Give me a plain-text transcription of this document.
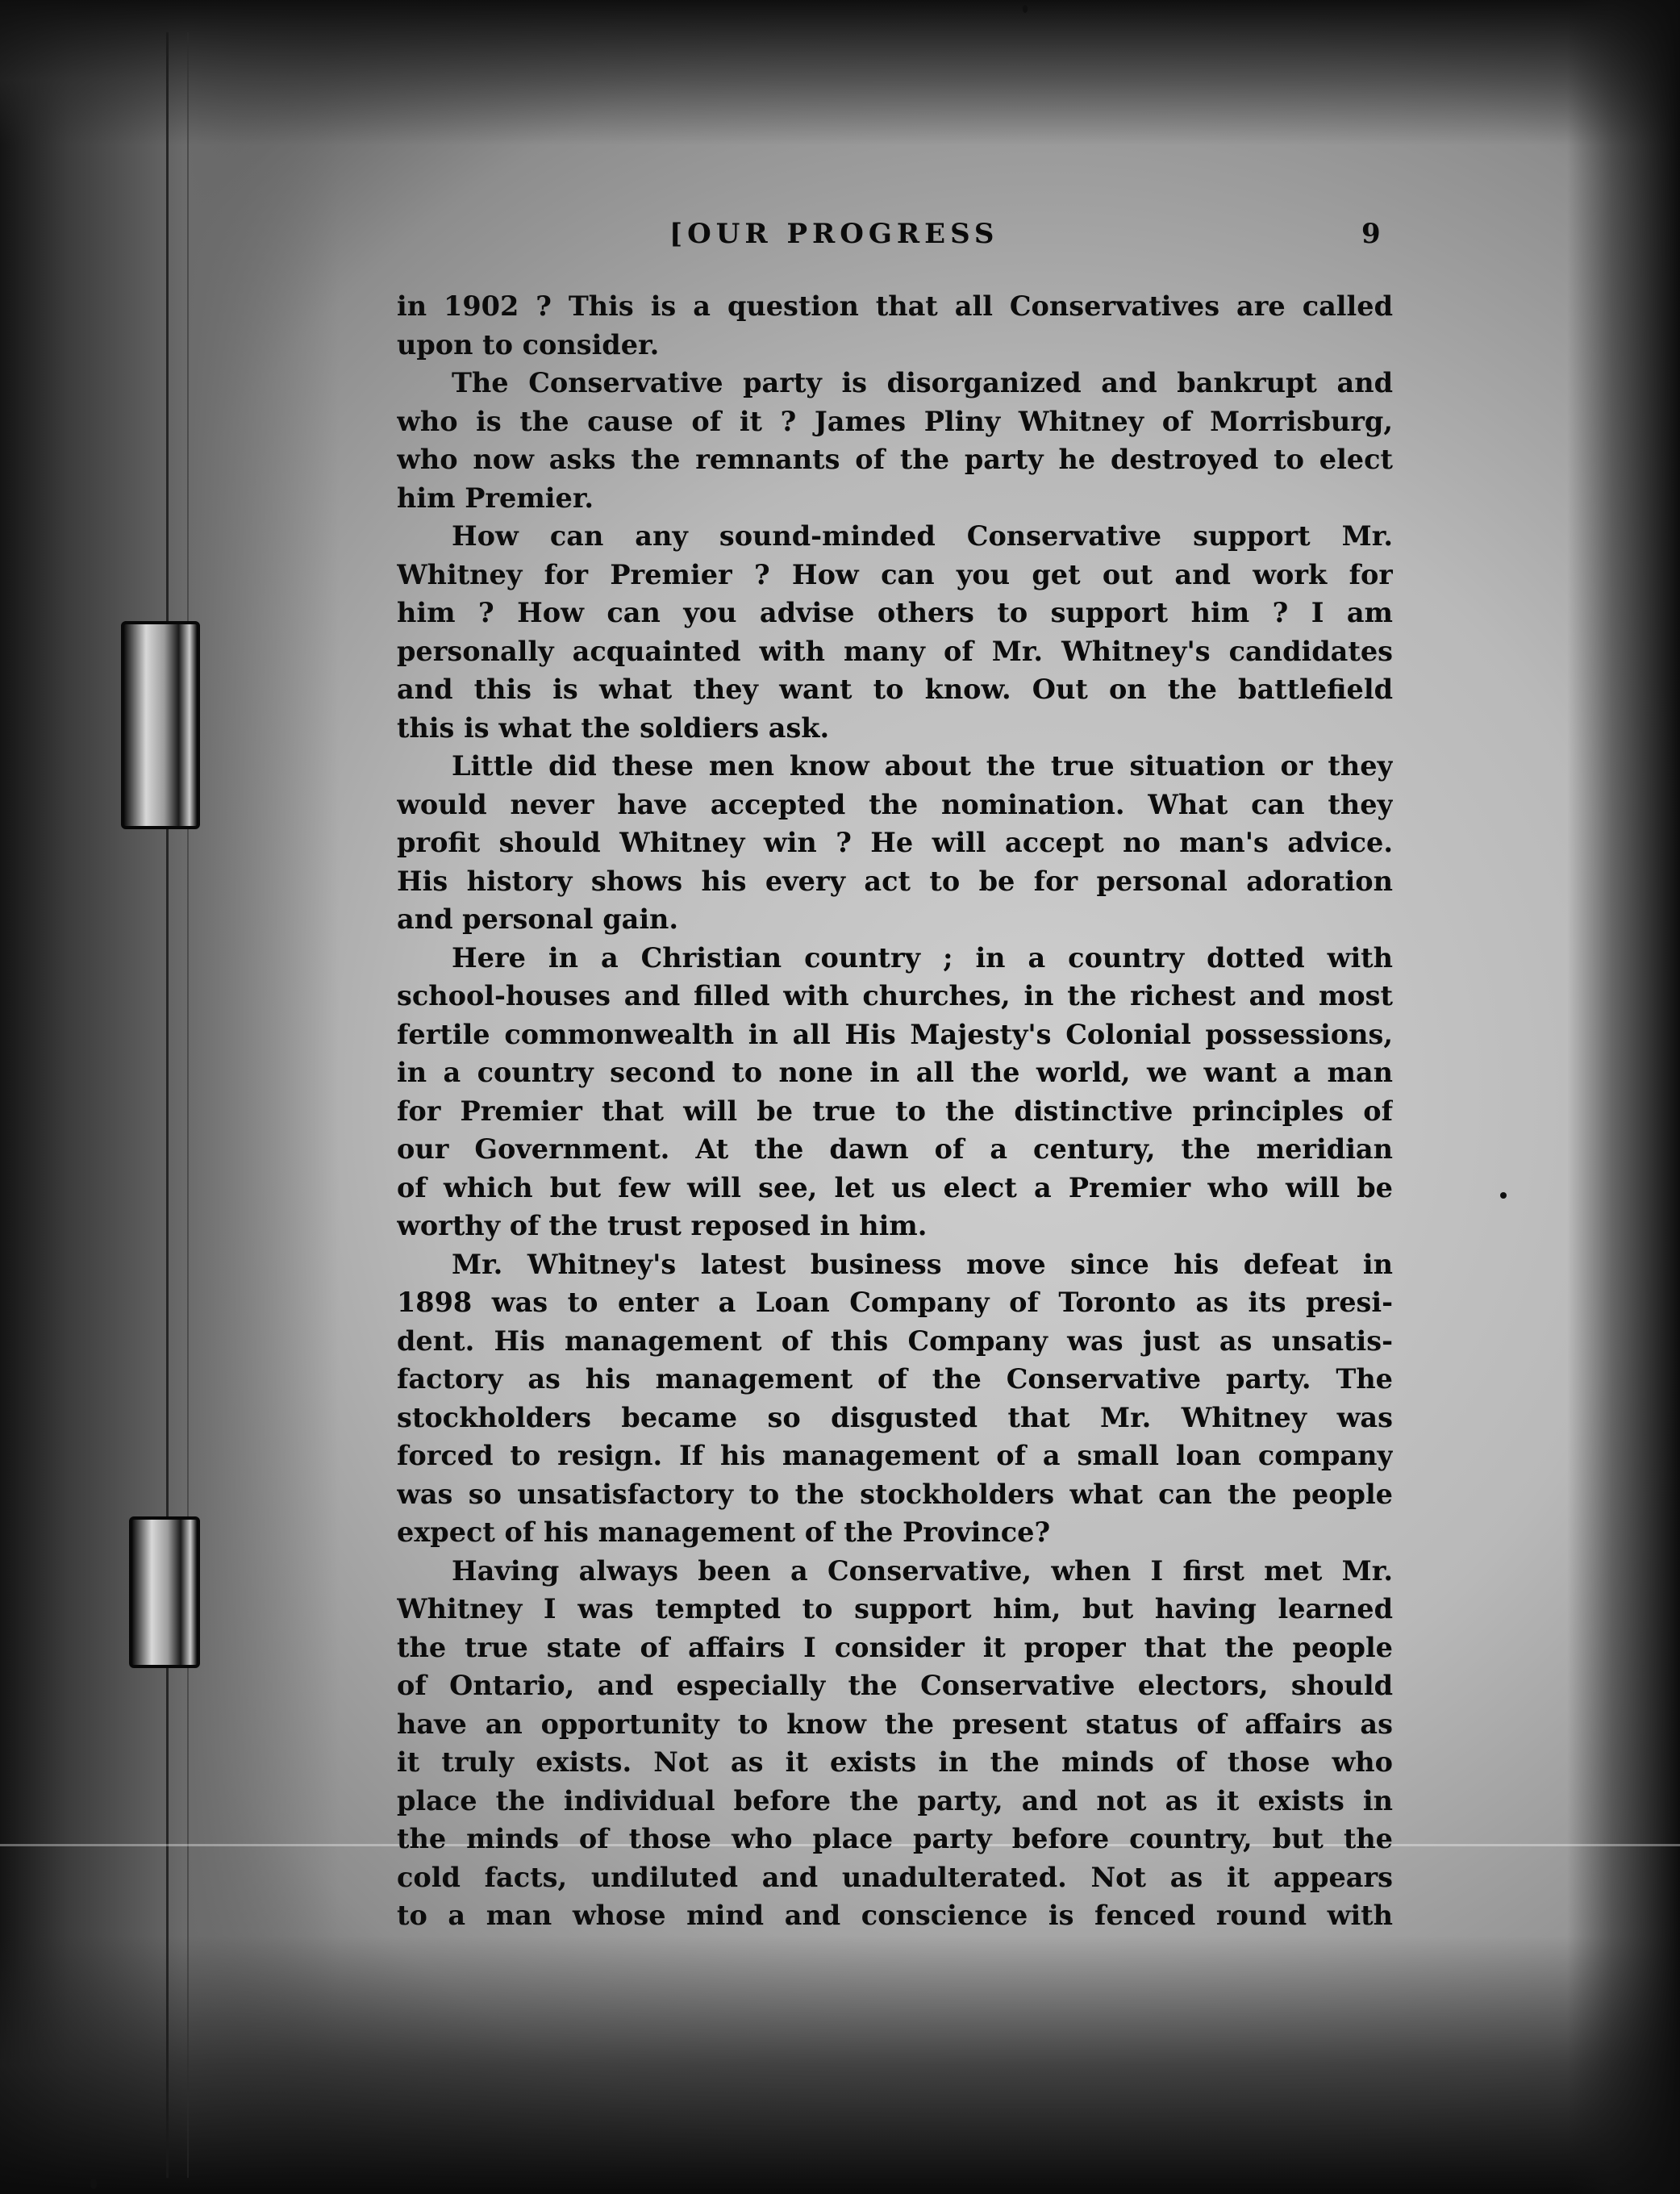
[OUR PROGRESS	9
in 1902 ? This is a question that all Conservatives are called
upon to consider.
The Conservative party is disorganized and bankrupt and
who is the cause of it ? James Pliny Whitney of Morrisburg,
who now asks the remnants of the party he destroyed to elect
him Premier.
How can any sound-minded Conservative support Mr.
Whitney for Premier ? How can you get out and work for
him ? How can you advise others to support him ? I am
personally acquainted with many of Mr. Whitney's candidates
and this is what they want to know. Out on the battlefield
this is what the soldiers ask.
Little did these men know about the true situation or they
would never have accepted the nomination. What can they
profit should Whitney win ? He will accept no man's advice.
His history shows his every act to be for personal adoration
and personal gain.
Here in a Christian country ; in a country dotted with
school-houses and filled with churches, in the richest and most
fertile commonwealth in all His Majesty's Colonial possessions,
in a country second to none in all the world, we want a man
for Premier that will be true to the distinctive principles of
our Government. At the dawn of a century, the meridian
of which but few will see, let us elect a Premier who will be
worthy of the trust reposed in him.
Mr. Whitney's latest business move since his defeat in
1898 was to enter a Loan Company of Toronto as its presi-
dent. His management of this Company was just as unsatis-
factory as his management of the Conservative party. The
stockholders became so disgusted that Mr. Whitney was
forced to resign. If his management of a small loan company
was so unsatisfactory to the stockholders what can the people
expect of his management of the Province?
Having always been a Conservative, when I first met Mr.
Whitney I was tempted to support him, but having learned
the true state of affairs I consider it proper that the people
of Ontario, and especially the Conservative electors, should
have an opportunity to know the present status of affairs as
it truly exists. Not as it exists in the minds of those who
place the individual before the party, and not as it exists in
the minds of those who place party before country, but the
cold facts, undiluted and unadulterated. Not as it appears
to a man whose mind and conscience is fenced round with
